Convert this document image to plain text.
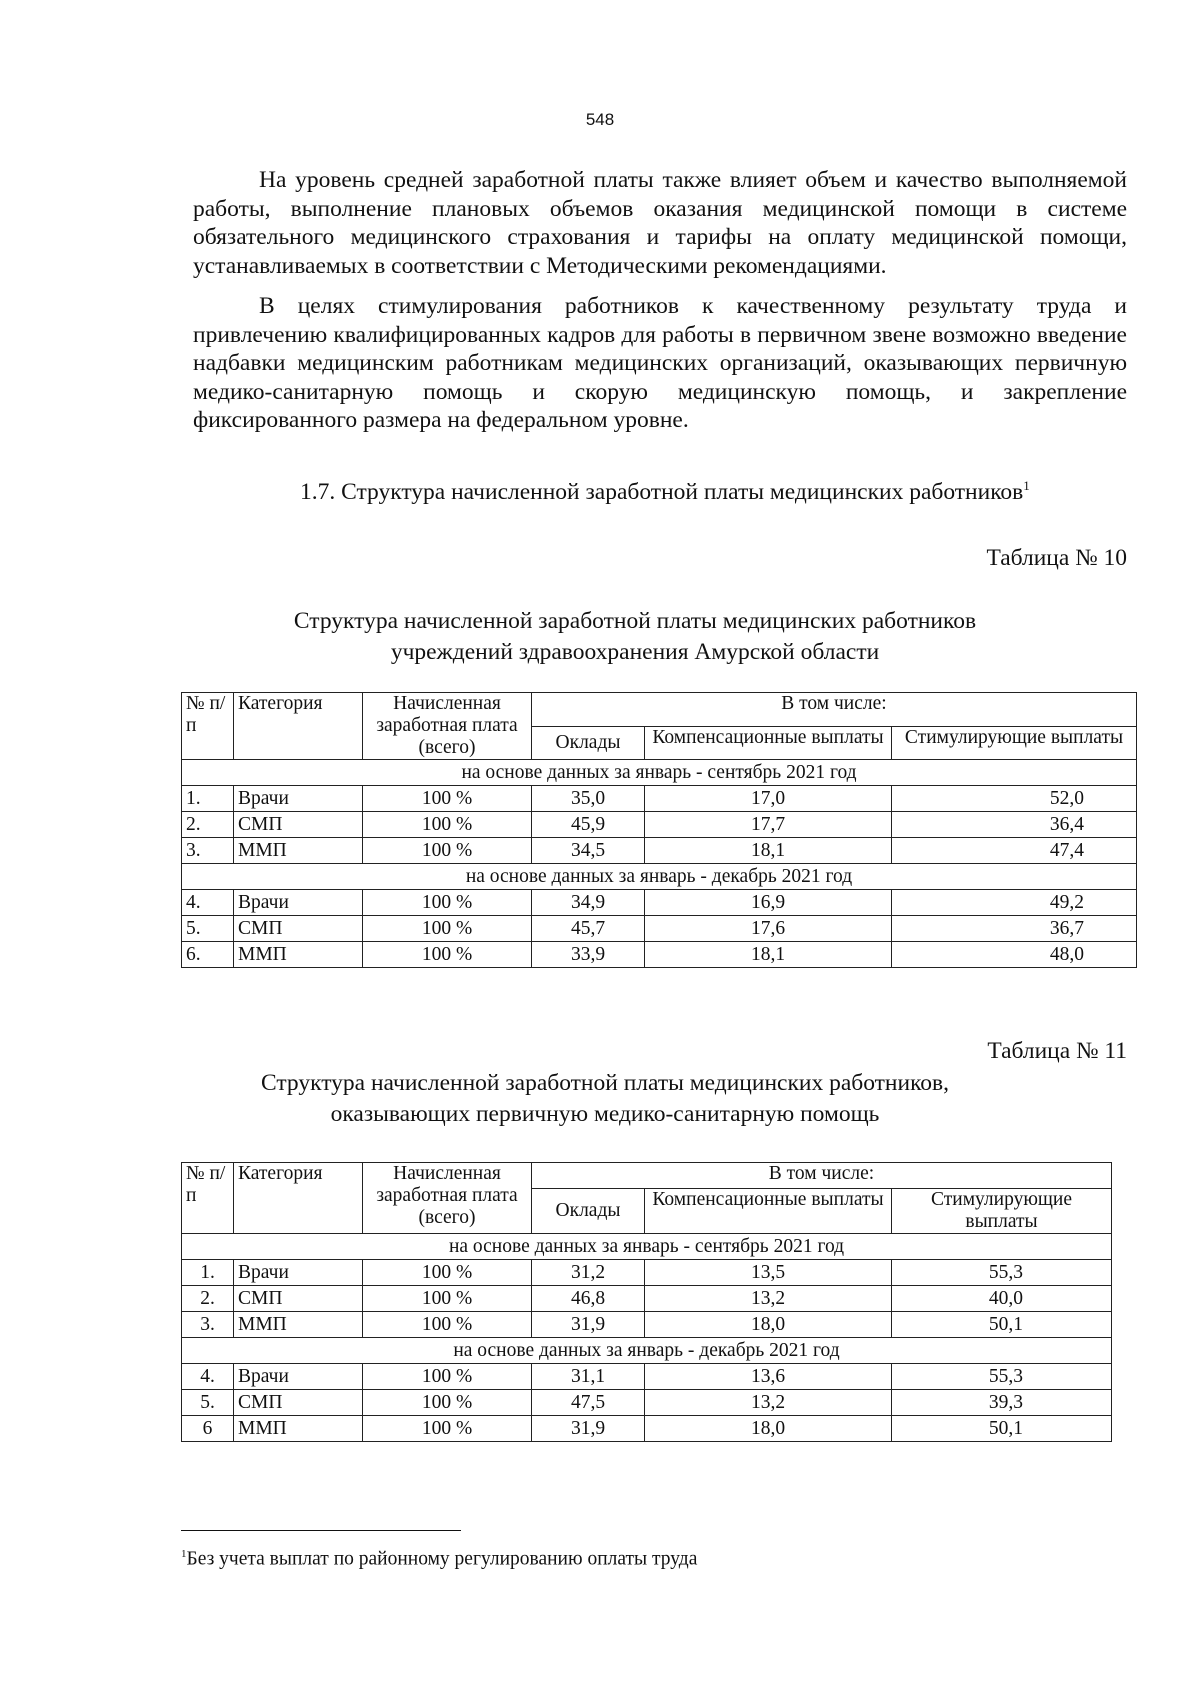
548

На уровень средней заработной платы также влияет объем и качество выполняемой работы, выполнение плановых объемов оказания медицинской помощи в системе обязательного медицинского страхования и тарифы на оплату медицинской помощи, устанавливаемых в соответствии с Методическими рекомендациями.

В целях стимулирования работников к качественному результату труда и привлечению квалифицированных кадров для работы в первичном звене возможно введение надбавки медицинским работникам медицинских организаций, оказывающих первичную медико-санитарную помощь и скорую медицинскую помощь, и закрепление фиксированного размера на федеральном уровне.

1.7. Структура начисленной заработной платы медицинских работников$^1$
Таблица № 10
Структура начисленной заработной платы медицинских работников
учреждений здравоохранения Амурской области
№ п/п	Категория	Начисленная заработная плата (всего)	В том числе:		
			Оклады	Компенсационные выплаты	Стимулирующие выплаты
на основе данных за январь - сентябрь 2021 год					
1.	Врачи	100 %	35,0	17,0	52,0
2.	СМП	100 %	45,9	17,7	36,4
3.	ММП	100 %	34,5	18,1	47,4
на основе данных за январь - декабрь 2021 год					
4.	Врачи	100 %	34,9	16,9	49,2
5.	СМП	100 %	45,7	17,6	36,7
6.	ММП	100 %	33,9	18,1	48,0
Таблица № 11
Структура начисленной заработной платы медицинских работников,
оказывающих первичную медико-санитарную помощь
№ п/п	Категория	Начисленная заработная плата (всего)	В том числе:		
			Оклады	Компенсационные выплаты	Стимулирующие выплаты
на основе данных за январь - сентябрь 2021 год					
1.	Врачи	100 %	31,2	13,5	55,3
2.	СМП	100 %	46,8	13,2	40,0
3.	ММП	100 %	31,9	18,0	50,1
на основе данных за январь - декабрь 2021 год					
4.	Врачи	100 %	31,1	13,6	55,3
5.	СМП	100 %	47,5	13,2	39,3
6	ММП	100 %	31,9	18,0	50,1
$^1$Без учета выплат по районному регулированию оплаты труда
